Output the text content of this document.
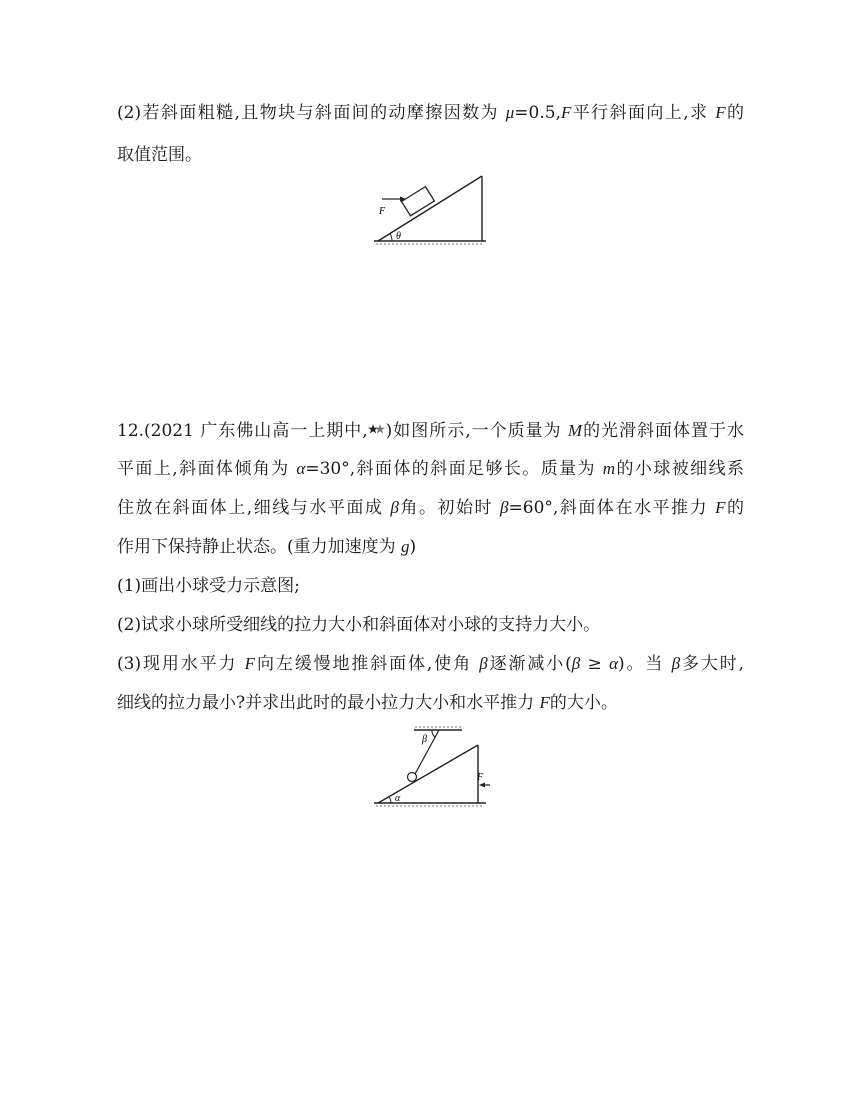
(2)若斜面粗糙,且物块与斜面间的动摩擦因数为 μ=0.5,F平行斜面向上,求 F的
取值范围。
F
θ
12.(2021 广东佛山高一上期中, )如图所示,一个质量为 M的光滑斜面体置于水
平面上,斜面体倾角为 α=30°,斜面体的斜面足够长。质量为 m的小球被细线系
住放在斜面体上,细线与水平面成 β角。初始时 β=60°,斜面体在水平推力 F的
作用下保持静止状态。(重力加速度为 g)
(1)画出小球受力示意图;
(2)试求小球所受细线的拉力大小和斜面体对小球的支持力大小。
(3)现用水平力 F向左缓慢地推斜面体,使角 β逐渐减小(β ≥ α)。当 β多大时,
细线的拉力最小?并求出此时的最小拉力大小和水平推力 F的大小。
β
α
F
